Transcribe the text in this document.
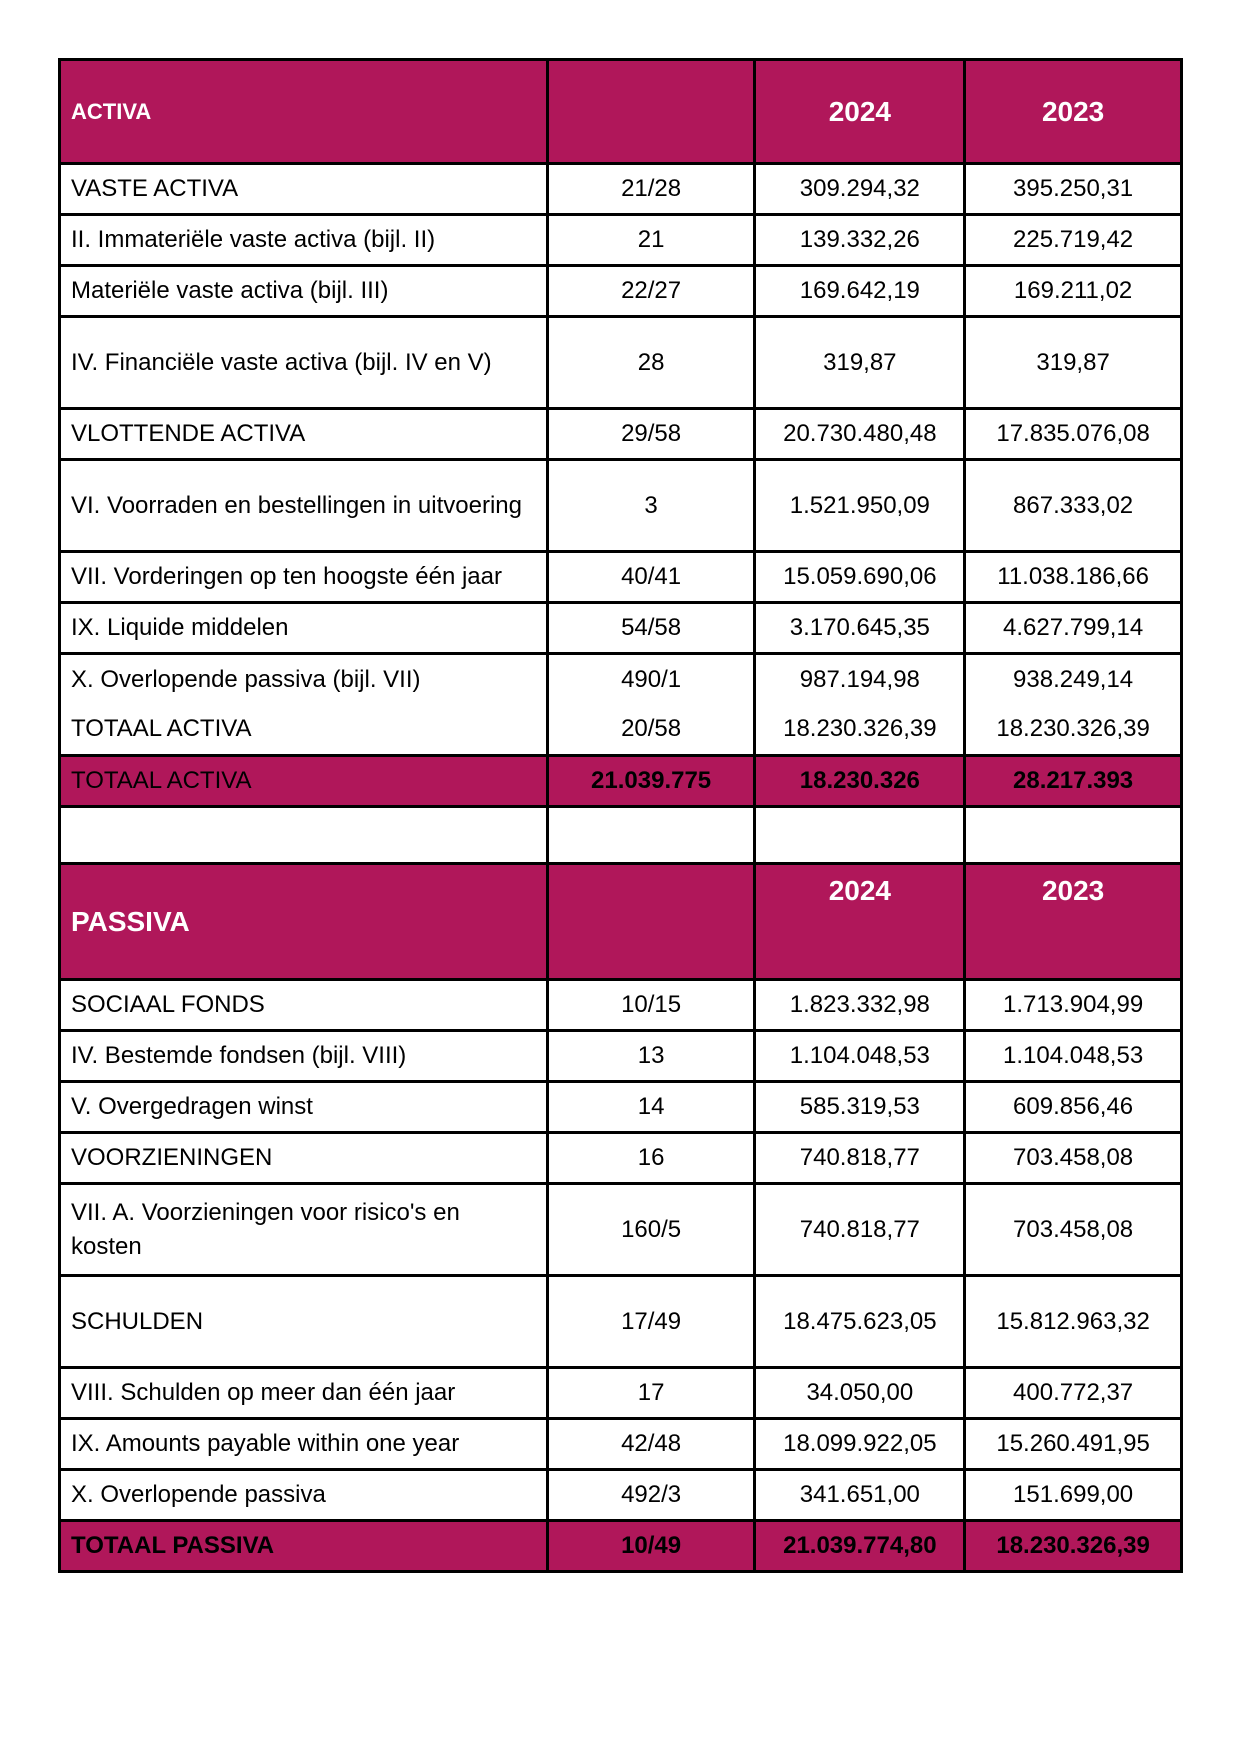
ACTIVA		2024	2023
VASTE ACTIVA	21/28	309.294,32	395.250,31
II. Immateriële vaste activa (bijl. II)	21	139.332,26	225.719,42
Materiële vaste activa (bijl. III)	22/27	169.642,19	169.211,02
IV. Financiële vaste activa (bijl. IV en V)	28	319,87	319,87
VLOTTENDE ACTIVA	29/58	20.730.480,48	17.835.076,08
VI. Voorraden en bestellingen in uitvoering	3	1.521.950,09	867.333,02
VII. Vorderingen op ten hoogste één jaar	40/41	15.059.690,06	11.038.186,66
IX. Liquide middelen	54/58	3.170.645,35	4.627.799,14
X. Overlopende passiva (bijl. VII)	490/1	987.194,98	938.249,14
TOTAAL ACTIVA	20/58	18.230.326,39	18.230.326,39
TOTAAL ACTIVA	21.039.775	18.230.326	28.217.393

PASSIVA		2024	2023
SOCIAAL FONDS	10/15	1.823.332,98	1.713.904,99
IV. Bestemde fondsen (bijl. VIII)	13	1.104.048,53	1.104.048,53
V. Overgedragen winst	14	585.319,53	609.856,46
VOORZIENINGEN	16	740.818,77	703.458,08
VII. A. Voorzieningen voor risico's en kosten	160/5	740.818,77	703.458,08
SCHULDEN	17/49	18.475.623,05	15.812.963,32
VIII. Schulden op meer dan één jaar	17	34.050,00	400.772,37
IX. Amounts payable within one year	42/48	18.099.922,05	15.260.491,95
X. Overlopende passiva	492/3	341.651,00	151.699,00
TOTAAL PASSIVA	10/49	21.039.774,80	18.230.326,39
